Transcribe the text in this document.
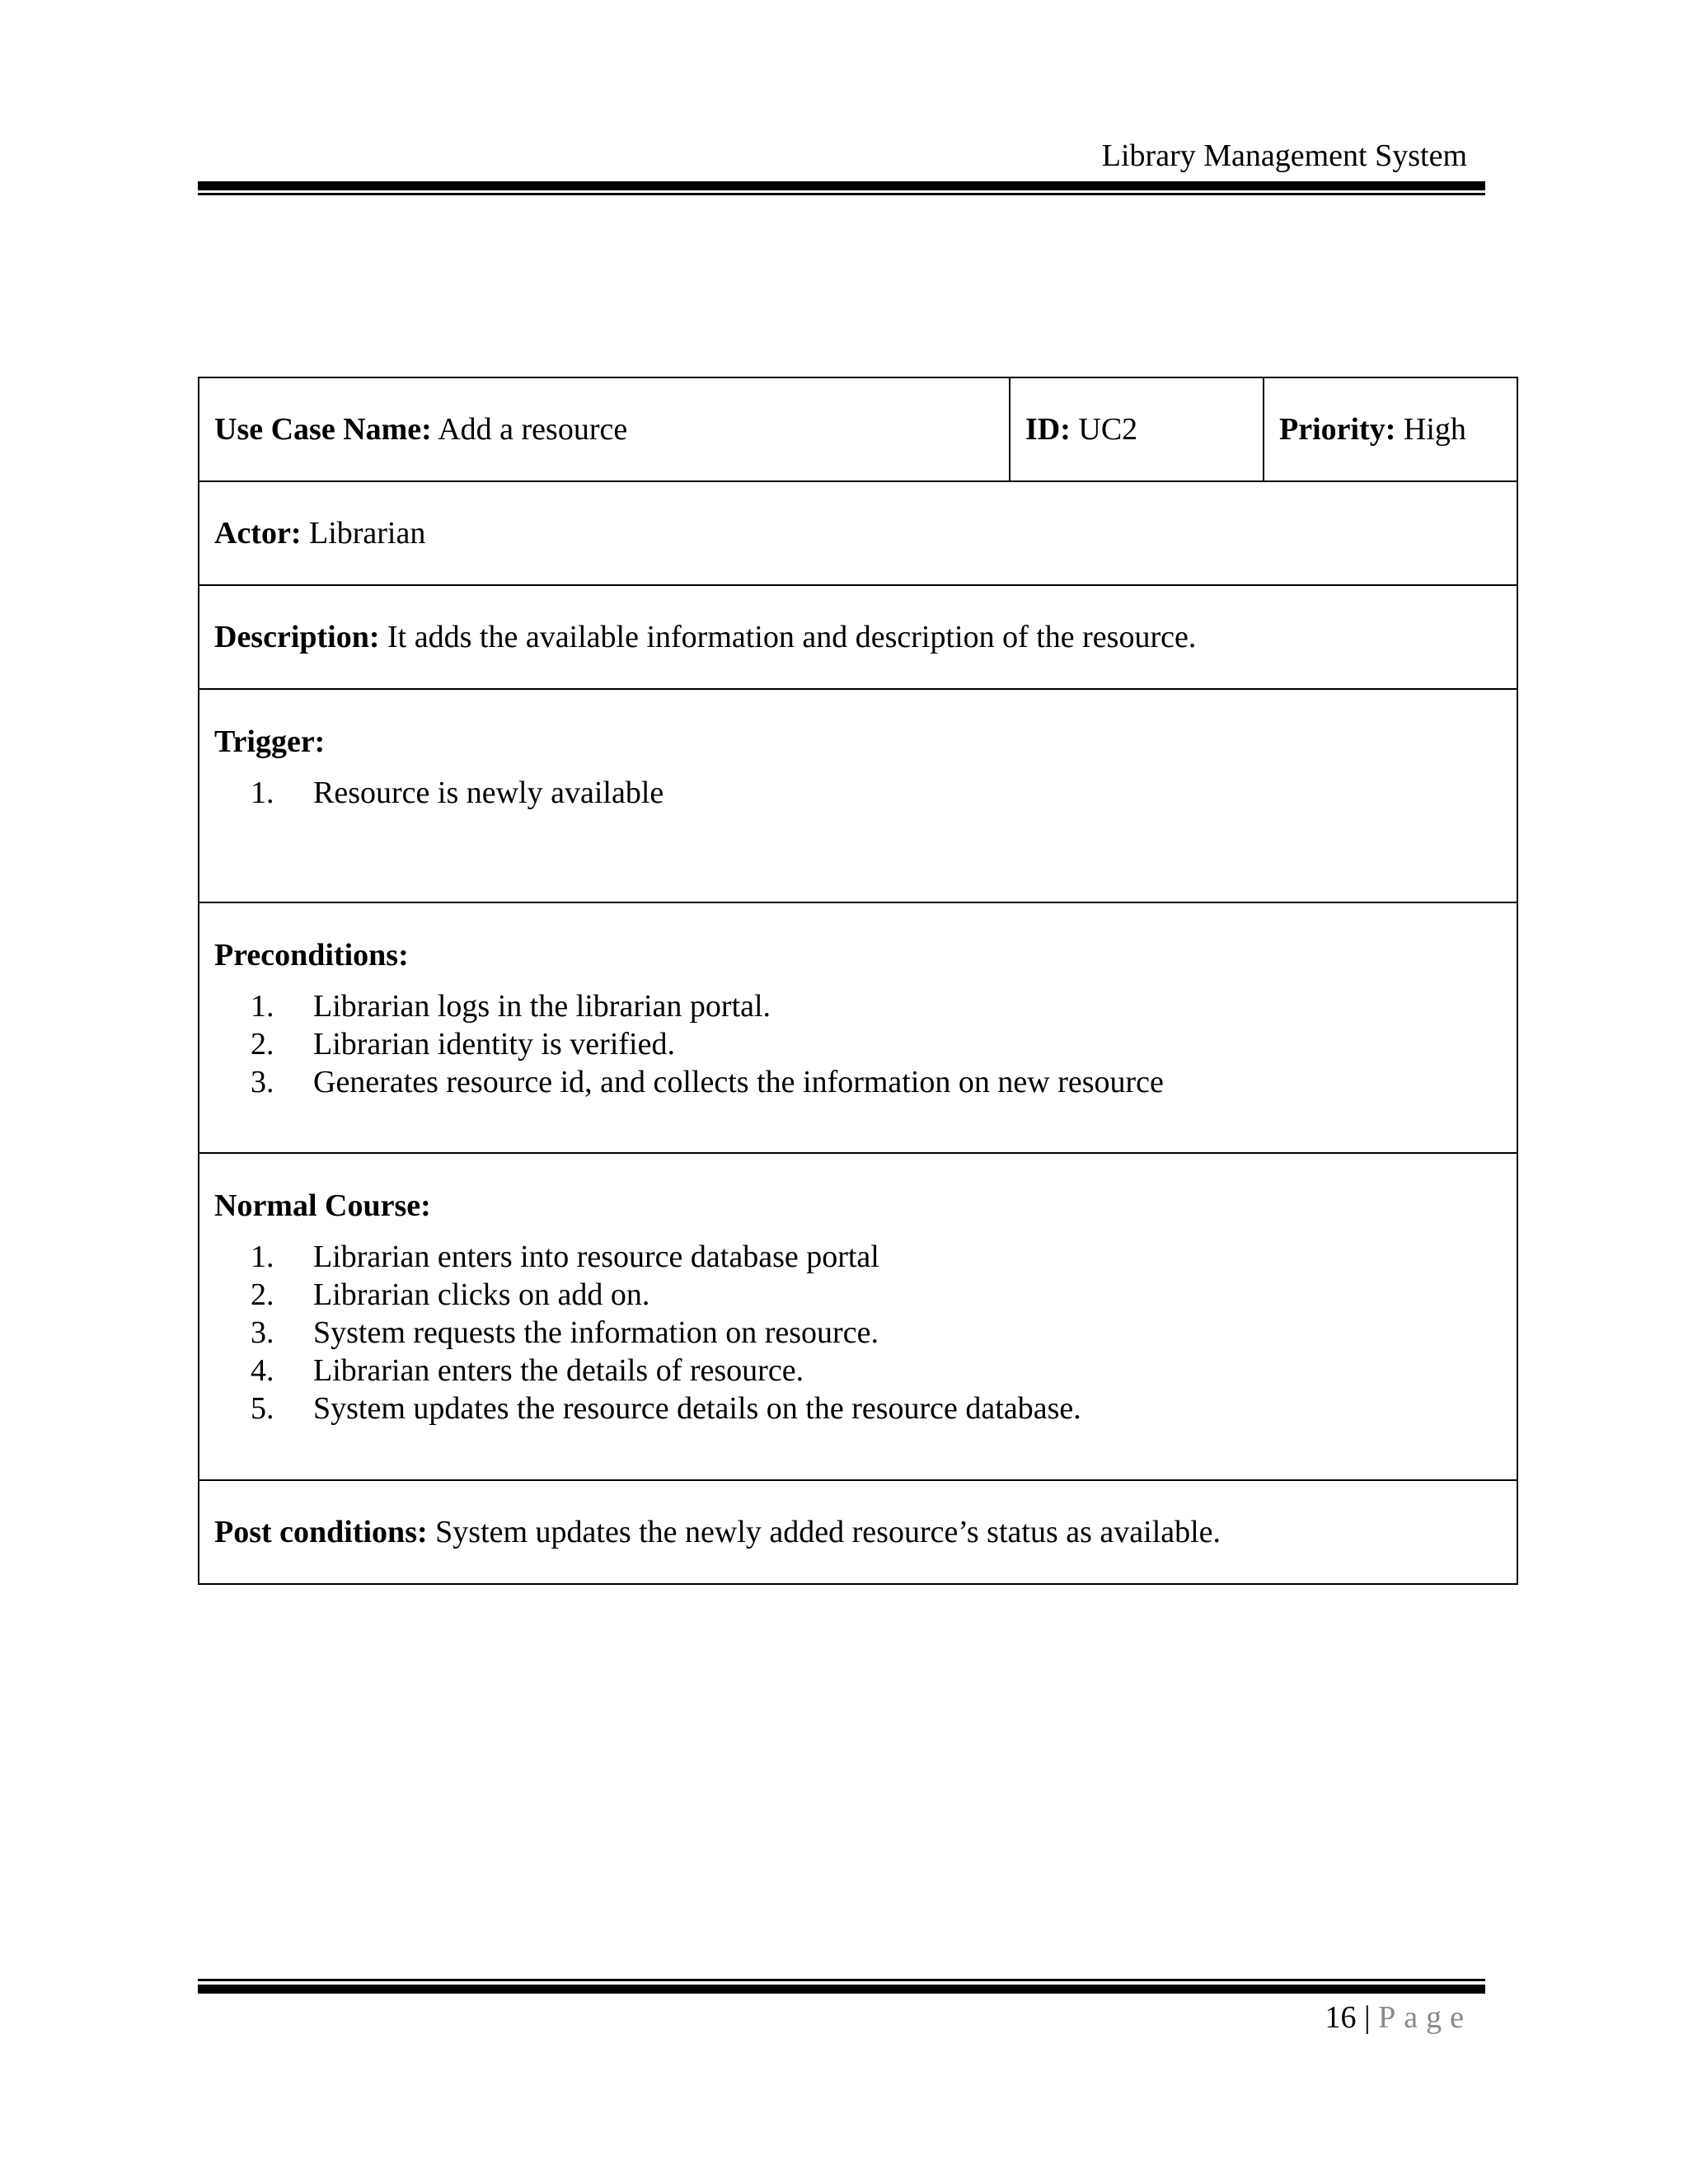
Library Management System
Use Case Name: Add a resource	ID: UC2	Priority: High
Actor: Librarian
Description: It adds the available information and description of the resource.

Trigger:
1.	Resource is newly available

Preconditions:
1.	Librarian logs in the librarian portal.
2.	Librarian identity is verified.
3.	Generates resource id, and collects the information on new resource

Normal Course:
1.	Librarian enters into resource database portal
2.	Librarian clicks on add on.
3.	System requests the information on resource.
4.	Librarian enters the details of resource.
5.	System updates the resource details on the resource database.

Post conditions: System updates the newly added resource’s status as available.
16 | Page
